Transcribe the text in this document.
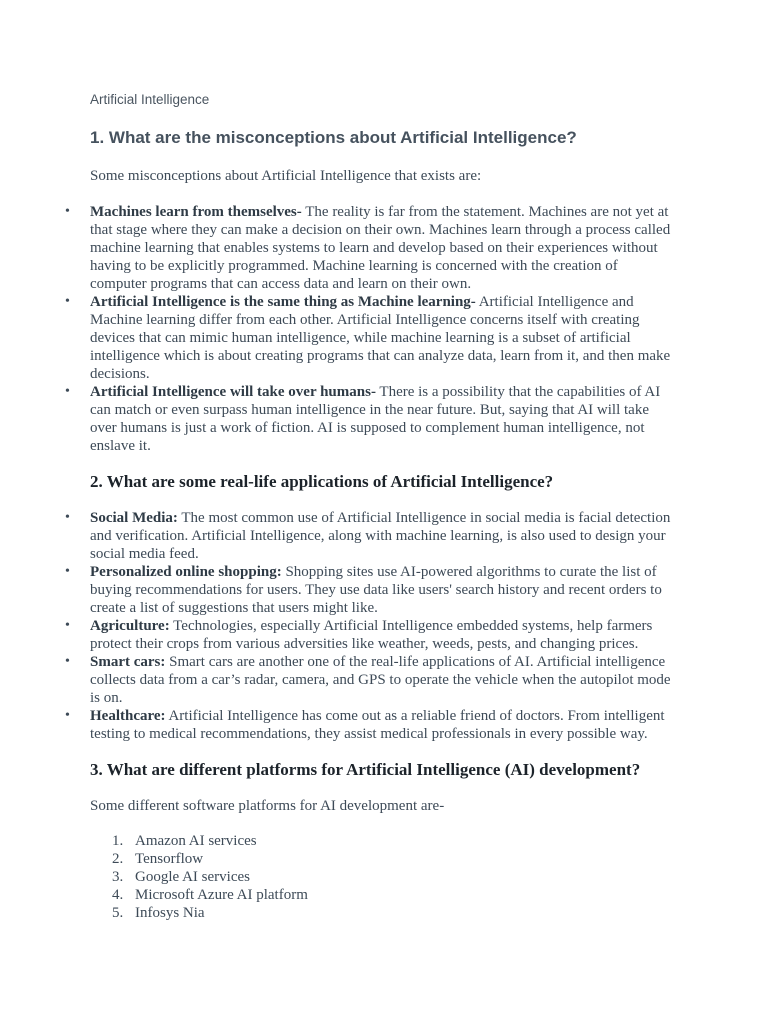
Artificial Intelligence

1. What are the misconceptions about Artificial Intelligence?

Some misconceptions about Artificial Intelligence that exists are:

• Machines learn from themselves- The reality is far from the statement. Machines are not yet at that stage where they can make a decision on their own. Machines learn through a process called machine learning that enables systems to learn and develop based on their experiences without having to be explicitly programmed. Machine learning is concerned with the creation of computer programs that can access data and learn on their own.
• Artificial Intelligence is the same thing as Machine learning- Artificial Intelligence and Machine learning differ from each other. Artificial Intelligence concerns itself with creating devices that can mimic human intelligence, while machine learning is a subset of artificial intelligence which is about creating programs that can analyze data, learn from it, and then make decisions.
• Artificial Intelligence will take over humans- There is a possibility that the capabilities of AI can match or even surpass human intelligence in the near future. But, saying that AI will take over humans is just a work of fiction. AI is supposed to complement human intelligence, not enslave it.
2. What are some real-life applications of Artificial Intelligence?
• Social Media: The most common use of Artificial Intelligence in social media is facial detection and verification. Artificial Intelligence, along with machine learning, is also used to design your social media feed.
• Personalized online shopping: Shopping sites use AI-powered algorithms to curate the list of buying recommendations for users. They use data like users' search history and recent orders to create a list of suggestions that users might like.
• Agriculture: Technologies, especially Artificial Intelligence embedded systems, help farmers protect their crops from various adversities like weather, weeds, pests, and changing prices.
• Smart cars: Smart cars are another one of the real-life applications of AI. Artificial intelligence collects data from a car’s radar, camera, and GPS to operate the vehicle when the autopilot mode is on.
• Healthcare: Artificial Intelligence has come out as a reliable friend of doctors. From intelligent testing to medical recommendations, they assist medical professionals in every possible way.
3. What are different platforms for Artificial Intelligence (AI) development?

Some different software platforms for AI development are-

1. Amazon AI services
2. Tensorflow
3. Google AI services
4. Microsoft Azure AI platform
5. Infosys Nia
